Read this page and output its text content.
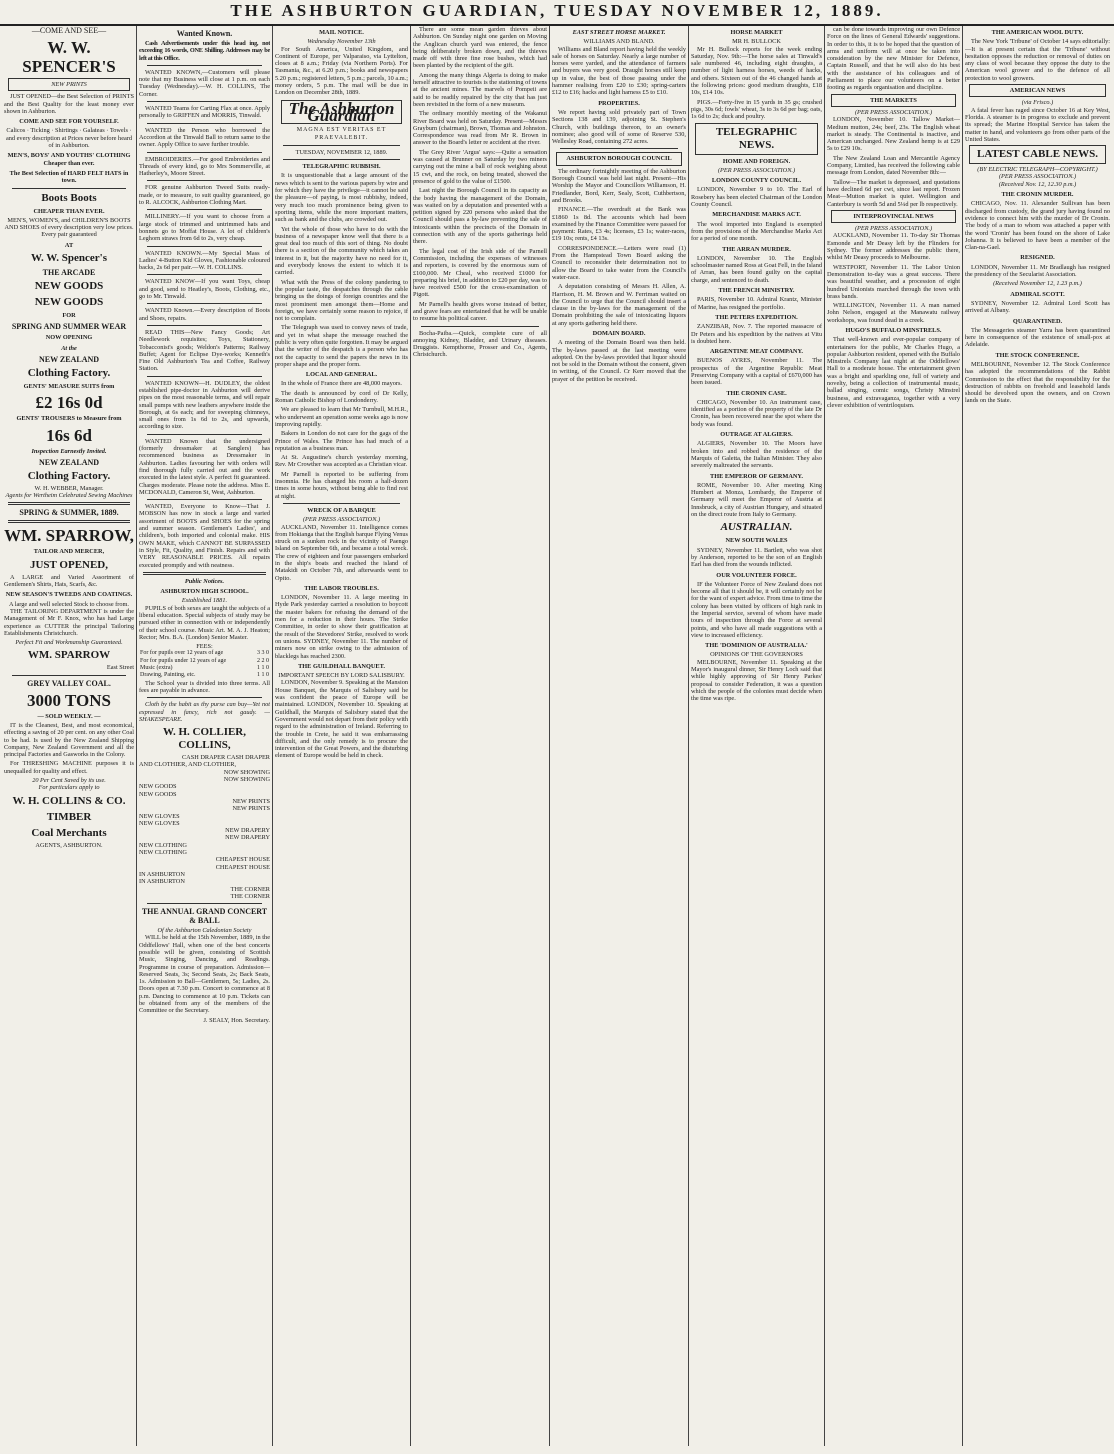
THE ASHBURTON GUARDIAN, TUESDAY NOVEMBER 12, 1889.
—COME AND SEE—
W. W. SPENCER'S
NEW PRINTS

JUST OPENED—the Best Selection of PRINTS and the Best Quality for the least money ever shown in Ashburton.

COME AND SEE FOR YOURSELF.

Calicos · Ticking · Shirtings · Galateas · Towels · and every description at Prices never before heard of in Ashburton.

MEN'S, BOYS' AND YOUTHS' CLOTHING Cheaper than ever.
The Best Selection of HARD FELT HATS in town.
Boots Boots
CHEAPER THAN EVER.

MEN'S, WOMEN'S, and CHILDREN'S BOOTS AND SHOES of every description very low prices. Every pair guaranteed

AT
W. W. Spencer's
THE ARCADE
NEW GOODS
NEW GOODS
FOR
SPRING AND SUMMER WEAR
NOW OPENING
At the
NEW ZEALAND
Clothing Factory.
GENTS' MEASURE SUITS from
£2 16s 0d
GENTS' TROUSERS to Measure from
16s 6d
Inspection Earnestly Invited.
NEW ZEALAND
Clothing Factory.
W. H. WEBBER, Manager.
Agents for Wertheim Celebrated Sewing Machines
SPRING & SUMMER, 1889.
WM. SPARROW,
TAILOR AND MERCER,
JUST OPENED,

A LARGE and Varied Assortment of Gentlemen's Shirts, Hats, Scarfs, &c.

NEW SEASON'S TWEEDS AND COATINGS.
A large and well selected Stock to choose from.

THE TAILORING DEPARTMENT is under the Management of Mr F. Knox, who has had Large experience as CUTTER the principal Tailoring Establishments Christchurch.

Perfect Fit and Workmanship Guaranteed.
WM. SPARROW
East Street
GREY VALLEY COAL.
3000 TONS
— SOLD WEEKLY. —

IT is the Cleanest, Best, and most economical, effecting a saving of 20 per cent. on any other Coal to be had. Is used by the New Zealand Shipping Company, New Zealand Government and all the principal Factories and Gasworks in the Colony.

For THRESHING MACHINE purposes it is unequalled for quality and effect.

20 Per Cent Saved by its use.
For particulars apply to
W. H. COLLINS & CO.
TIMBER
Coal Merchants
AGENTS, ASHBURTON.
Wanted Known.

Cash Advertisements under this head ing, not exceeding 16 words, ONE Shilling. Addresses may be left at this Office.

WANTED KNOWN,—Customers will please note that my Business will close at 1 p.m. on each Tuesday (Wednesday).—W. H. COLLINS, The Corner.

WANTED Teams for Carting Flax at once. Apply personally to GRIFFEN and MORRIS, Tinwald.

WANTED the Person who borrowed the Accordion at the Tinwald Ball to return same to the owner. Apply Office to save further trouble.

EMBROIDERIES.—For good Embroideries and Threads of every kind, go to Mrs Sommerville, at Hatherley's, Moore Street.

FOR genuine Ashburton Tweed Suits ready-made, or to measure, to suit quality guaranteed, go to R. ALCOCK, Ashburton Clothing Mart.

MILLINERY.—If you want to choose from a large stock of trimmed and untrimmed hats and bonnets go to Moffat House. A lot of children's Leghorn straws from 6d to 2s, very cheap.

WANTED KNOWN.—My Special Mass of Ladies' 4-Button Kid Gloves, Fashionable coloured backs, 2s 6d per pair.—W. H. COLLINS.

WANTED KNOW—If you want Toys, cheap and good, send to Heatley's, Boots, Clothing, etc., go to Mr. Tinwald.

WANTED Known.—Every description of Boots and Shoes, repairs.

READ THIS—New Fancy Goods; Art Needlework requisites; Toys, Stationery, Tobacconist's goods; Weldon's Patterns; Railway Buffet; Agent for Eclipse Dye-works; Kenneth's Fine Old Ashburton's Tea and Coffee, Railway Station.

WANTED KNOWN—H. DUDLEY, the oldest established pipe-doctor in Ashburton will derive pipes on the most reasonable terms, and will repair small pumps with new leathers anywhere inside the Borough, at 6s each; and for sweeping chimneys, small ones from 1s 6d to 2s, and upwards, according to size.

WANTED Known that the undersigned (formerly dressmaker at Sanglers) has recommenced business as Dressmaker in Ashburton. Ladies favouring her with orders will find thorough fully carried out and the work executed in the latest style. A perfect fit guaranteed. Charges moderate. Please note the address. Miss E. MCDONALD, Cameron St, West, Ashburton.

WANTED, Everyone to Know—That J. MOBSON has now in stock a large and varied assortment of BOOTS and SHOES for the spring and summer season. Gentlemen's Ladies', and children's, both imported and colonial make. HIS OWN MAKE, which CANNOT BE SURPASSED in Style, Fit, Quality, and Finish. Repairs and with VERY REASONABLE PRICES. All repairs executed promptly and with neatness.

Public Notices.
ASHBURTON HIGH SCHOOL.
Established 1881.

PUPILS of both sexes are taught the subjects of a liberal education. Special subjects of study may be pursued either in connection with or independently of their school course. Music Art. M. A. J. Heaton; Rector; Mrs. B.A. (London) Senior Master.

FEES:
For for pupils over 12 years of age	3 3 0
For for pupils under 12 years of age	2 2 0
Music (extra)	1 1 0
Drawing, Painting, etc.	1 1 0

The School year is divided into three terms. All fees are payable in advance.

Cloth by the habit as thy purse can buy—Yet not expressed in fancy, rich not gaudy. —SHAKESPEARE.

W. H. COLLIER, COLLINS,
CASH DRAPER CASH DRAPER
AND CLOTHIER, AND CLOTHIER,
NOW SHOWING
NOW SHOWING
NEW GOODS
NEW GOODS
NEW PRINTS
NEW PRINTS
NEW GLOVES
NEW GLOVES
NEW DRAPERY
NEW DRAPERY
NEW CLOTHING
NEW CLOTHING
CHEAPEST HOUSE
CHEAPEST HOUSE
IN ASHBURTON
IN ASHBURTON
THE CORNER
THE CORNER
THE ANNUAL GRAND CONCERT & BALL
Of the Ashburton Caledonian Society

WILL be held at the 15th November, 1889, in the Oddfellows' Hall, when one of the best concerts possible will be given, consisting of Scottish Music, Singing, Dancing, and Readings. Programme in course of preparation. Admission—Reserved Seats, 3s; Second Seats, 2s; Back Seats, 1s. Admission to Ball—Gentlemen, 5s; Ladies, 2s. Doors open at 7.30 p.m. Concert to commence at 8 p.m. Dancing to commence at 10 p.m. Tickets can be obtained from any of the members of the Committee or the Secretary.

J. SEALY, Hon. Secretary.
MAIL NOTICE.
Wednesday November 13th

For South America, United Kingdom, and Continent of Europe, per Valparaiso, via Lyttelton, closes at 8 a.m.; Friday (via Northern Ports). For Tasmania, &c., at 6.20 p.m.; books and newspapers 5.20 p.m.; registered letters, 5 p.m.; parcels, 10 a.m.; money orders, 5 p.m. The mail will be due in London on December 28th, 1889.

The Ashburton Guardian
MAGNA EST VERITAS ET PRAEVALEBIT.
TUESDAY, NOVEMBER 12, 1889.
TELEGRAPHIC RUBBISH.

It is unquestionable that a large amount of the news which is sent to the various papers by wire and for which they have the privilege—it cannot be said the pleasure—of paying, is most rubbishy, indeed, very much too much prominence being given to sporting items, while the more important matters, such as bank and the clubs, are crowded out.

Yet the whole of those who have to do with the business of a newspaper know well that there is a great deal too much of this sort of thing. No doubt there is a section of the community which takes an interest in it, but the majority have no need for it, and everybody knows the extent to which it is carried.

What with the Press of the colony pandering to the popular taste, the despatches through the cable bringing us the doings of foreign countries and the most prominent men amongst them—Home and foreign, we have certainly some reason to rejoice, if not to complain.

The Telegraph was used to convey news of trade, and yet in what shape the message reached the public is very often quite forgotten. It may be argued that the writer of the despatch is a person who has not the capacity to send the papers the news in its proper shape and the proper form.

LOCAL AND GENERAL.

In the whole of France there are 48,000 mayors.

The death is announced by cord of Dr Kelly, Roman Catholic Bishop of Londonderry.

We are pleased to learn that Mr Turnbull, M.H.R., who underwent an operation some weeks ago is now improving rapidly.

Bakers in London do not care for the gags of the Prince of Wales. The Prince has had much of a reputation as a business man.

At St. Augustine's church yesterday morning, Rev. Mr Crowther was accepted as a Christian vicar.

Mr Parnell is reported to be suffering from insomnia. He has changed his room a half-dozen times in some hours, without being able to find rest at night.

WRECK OF A BARQUE
(PER PRESS ASSOCIATION.)

AUCKLAND, November 11. Intelligence comes from Hokianga that the English barque Flying Venus struck on a sunken rock in the vicinity of Paengo Island on September 6th, and became a total wreck. The crew of eighteen and four passengers embarked in the ship's boats and reached the island of Matakidi on October 7th, and afterwards went to Opito.

THE LABOR TROUBLES.

LONDON, November 11. A large meeting in Hyde Park yesterday carried a resolution to boycott the master bakers for refusing the demand of the men for a reduction in their hours. The Strike Committee, in order to show their gratification at the result of the Stevedores' Strike, resolved to work on unions. SYDNEY, November 11. The number of miners now on strike owing to the admission of blacklegs has reached 2300.

THE GUILDHALL BANQUET.
IMPORTANT SPEECH BY LORD SALISBURY.

LONDON, November 9. Speaking at the Mansion House Banquet, the Marquis of Salisbury said he was confident the peace of Europe will be maintained. LONDON, November 10. Speaking at Guildhall, the Marquis of Salisbury stated that the Government would not depart from their policy with regard to the administration of Ireland. Referring to the trouble in Crete, he said it was embarrassing difficult, and the only remedy is to procure the intervention of the Great Powers, and the disturbing element of Europe would be held in check.

There are some mean garden thieves about Ashburton. On Sunday night one garden on Moving the Anglican church yard was entered, the fence being deliberately broken down, and the thieves made off with three fine rose bushes, which had been planted by the recipient of the gift.

Among the many things Algeria is doing to make herself attractive to tourists is the stationing of towns at the ancient mines. The marvels of Pompeii are said to be readily repaired by the city that has just been revisited in the form of a new museum.

The ordinary monthly meeting of the Wakanui River Board was held on Saturday. Present—Messrs Grayburn (chairman), Brown, Thomas and Johnston. Correspondence was read from Mr R. Brown in answer to the Board's letter re accident at the river.

The Grey River 'Argus' says:—Quite a sensation was caused at Brunner on Saturday by two miners carrying out the mine a ball of rock weighing about 15 cwt, and the rock, on being treated, showed the presence of gold to the value of £1500.

Last night the Borough Council in its capacity as the body having the management of the Domain, was waited on by a deputation and presented with a petition signed by 220 persons who asked that the Council should pass a by-law preventing the sale of intoxicants within the precincts of the Domain in connection with any of the sports gatherings held there.

The legal cost of the Irish side of the Parnell Commission, including the expenses of witnesses and reporters, is covered by the enormous sum of £100,000. Mr Cheal, who received £1000 for preparing his brief, in addition to £20 per day, was to have received £500 for the cross-examination of Pigott.

Mr Parnell's health gives worse instead of better, and grave fears are entertained that he will be unable to resume his political career.

Bocha-Paiba.—Quick, complete cure of all annoying Kidney, Bladder, and Urinary diseases. Druggists. Kempthorne, Prosser and Co., Agents, Christchurch.

EAST STREET HORSE MARKET.
WILLIAMS AND BLAND.

Williams and Bland report having held the weekly sale of horses on Saturday. Nearly a large number of horses were yarded, and the attendance of farmers and buyers was very good. Draught horses still keep up in value, the best of those passing under the hammer realising from £20 to £30; spring-carters £12 to £16; hacks and light harness £5 to £10.

PROPERTIES.

We report having sold privately part of Town Sections 138 and 139, adjoining St. Stephen's Church, with buildings thereon, to an owner's nominee; also good will of some of Reserve 530, Wellesley Road, containing 272 acres.

ASHBURTON BOROUGH COUNCIL

The ordinary fortnightly meeting of the Ashburton Borough Council was held last night. Present—His Worship the Mayor and Councillors Williamson, H. Friedlander, Bord, Kerr, Sealy, Scott, Cuthbertson, and Brooks.

FINANCE.—The overdraft at the Bank was £1860 1s 8d. The accounts which had been examined by the Finance Committee were passed for payment: Rates, £3 4s; licenses, £3 1s; water-races, £19 10s; rents, £4 13s.

CORRESPONDENCE.—Letters were read (1) From the Hampstead Town Board asking the Council to reconsider their determination not to allow the Board to take water from the Council's water-race.

A deputation consisting of Messrs H. Allen, A. Harrison, H. M. Brown and W. Ferriman waited on the Council to urge that the Council should insert a clause in the by-laws for the management of the Domain prohibiting the sale of intoxicating liquors at any sports gathering held there.

DOMAIN BOARD.

A meeting of the Domain Board was then held. The by-laws passed at the last meeting were adopted. On the by-laws provided that liquor should not be sold in the Domain without the consent, given in writing, of the Council. Cr Kerr moved that the prayer of the petition be received.

HORSE MARKET
MR H. BULLOCK

Mr H. Bullock reports for the week ending Saturday, Nov. 9th:—The horse sales at Tinwald's sale numbered 46, including eight draughts, a number of light harness horses, weeds of hacks, and others. Sixteen out of the 46 changed hands at the following prices: good medium draughts, £18 10s, £14 10s.

PIGS.—Forty-five in 15 yards in 35 gs; crushed pigs, 30s 6d; fowls' wheat, 3s to 3s 6d per bag; oats, 1s 6d to 2s; duck and poultry.

TELEGRAPHIC NEWS.
HOME AND FOREIGN.
(PER PRESS ASSOCIATION.)
LONDON COUNTY COUNCIL.

LONDON, November 9 to 10. The Earl of Rosebery has been elected Chairman of the London County Council.

MERCHANDISE MARKS ACT.

The wool imported into England is exempted from the provisions of the Merchandise Marks Act for a period of one month.

THE ARRAN MURDER.

LONDON, November 10. The English schoolmaster named Ross at Goat Fell, in the Island of Arran, has been found guilty on the capital charge, and sentenced to death.

THE FRENCH MINISTRY.

PARIS, November 10. Admiral Krantz, Minister of Marine, has resigned the portfolio.

THE PETERS EXPEDITION.

ZANZIBAR, Nov. 7. The reported massacre of Dr Peters and his expedition by the natives at Vitu is doubted here.

ARGENTINE MEAT COMPANY.

BUENOS AYRES, November 11. The prospectus of the Argentine Republic Meat Preserving Company with a capital of £670,000 has been issued.

THE CRONIN CASE.

CHICAGO, November 10. An instrument case, identified as a portion of the property of the late Dr Cronin, has been recovered near the spot where the body was found.

OUTRAGE AT ALGIERS.

ALGIERS, November 10. The Moors have broken into and robbed the residence of the Marquis of Galetta, the Italian Minister. They also severely maltreated the servants.

THE EMPEROR OF GERMANY.

ROME, November 10. After meeting King Humbert at Monza, Lombardy, the Emperor of Germany will meet the Emperor of Austria at Innsbruck, a city of Austrian Hungary, and situated on the direct route from Italy to Germany.

AUSTRALIAN.
NEW SOUTH WALES

SYDNEY, November 11. Bartlett, who was shot by Anderson, reported to be the son of an English Earl has died from the wounds inflicted.

OUR VOLUNTEER FORCE.

IF the Volunteer Force of New Zealand does not become all that it should be, it will certainly not be for the want of expert advice. From time to time the colony has been visited by officers of high rank in the Imperial service, several of whom have made tours of inspection through the Force at several points, and who have all made suggestions with a view to increased efficiency.

THE 'DOMINION OF AUSTRALIA.'
OPINIONS OF THE GOVERNORS

MELBOURNE, November 11. Speaking at the Mayor's inaugural dinner, Sir Henry Loch said that while highly approving of Sir Henry Parkes' proposal to consider Federation, it was a question which the people of the colonies must decide when the time was ripe.

can be done towards improving our own Defence Force on the lines of General Edwards' suggestions. In order to this, it is to be hoped that the question of arms and uniform will at once be taken into consideration by the new Minister for Defence, Captain Russell, and that he will also do his best with the assistance of his colleagues and of Parliament to place our volunteers on a better footing as regards organisation and discipline.

THE MARKETS
(PER PRESS ASSOCIATION.)

LONDON, November 10. Tallow Market—Medium mutton, 24s; beef, 23s. The English wheat market is steady. The Continental is inactive, and American unchanged. New Zealand hemp is at £29 5s to £29 10s.

The New Zealand Loan and Mercantile Agency Company, Limited, has received the following cable message from London, dated November 8th:—

Tallow—The market is depressed, and quotations have declined 6d per cwt, since last report. Frozen Meat—Mutton market is quiet. Wellington and Canterbury is worth 5d and 5¼d per lb respectively.

INTERPROVINCIAL NEWS
(PER PRESS ASSOCIATION.)

AUCKLAND, November 11. To-day Sir Thomas Esmonde and Mr Deasy left by the Flinders for Sydney. The former addresses the public there, whilst Mr Deasy proceeds to Melbourne.

WESTPORT, November 11. The Labor Union Demonstration to-day was a great success. There was beautiful weather, and a procession of eight hundred Unionists marched through the town with brass bands.

WELLINGTON, November 11. A man named John Nelson, engaged at the Manawatu railway workshops, was found dead in a creek.

HUGO'S BUFFALO MINSTRELS.

That well-known and ever-popular company of entertainers for the public, Mr Charles Hugo, a popular Ashburton resident, opened with the Buffalo Minstrels Company last night at the Oddfellows' Hall to a moderate house. The entertainment given was a bright and sparkling one, full of variety and novelty, being a collection of instrumental music, ballad singing, comic songs, Christy Minstrel business, and extravaganza, together with a very clever exhibition of ventriloquism.

THE AMERICAN WOOL DUTY.

The New York 'Tribune' of October 14 says editorially:—It is at present certain that the 'Tribune' without hesitation opposes the reduction or removal of duties on any class of wool because they oppose the duty to the American wool grower and to the defence of all protection to wool growers.

AMERICAN NEWS
(via Frisco.)

A fatal fever has raged since October 16 at Key West, Florida. A steamer is in progress to exclude and prevent its spread; the Marine Hospital Service has taken the matter in hand, and volunteers go from other parts of the United States.

LATEST CABLE NEWS.
(BY ELECTRIC TELEGRAPH—COPYRIGHT.)
(PER PRESS ASSOCIATION.)
(Received Nov. 12, 12.30 p.m.)
THE CRONIN MURDER.

CHICAGO, Nov. 11. Alexander Sullivan has been discharged from custody, the grand jury having found no evidence to connect him with the murder of Dr Cronin. The body of a man to whom was attached a paper with the word 'Cronin' has been found on the shore of Lake Johanna. It is believed to have been a member of the Clan-na-Gael.

RESIGNED.

LONDON, November 11. Mr Bradlaugh has resigned the presidency of the Secularist Association.

(Received November 12, 1.23 p.m.)
ADMIRAL SCOTT.

SYDNEY, November 12. Admiral Lord Scott has arrived at Albany.

QUARANTINED.

The Messageries steamer Yarra has been quarantined here in consequence of the existence of small-pox at Adelaide.

THE STOCK CONFERENCE.

MELBOURNE, November 12. The Stock Conference has adopted the recommendations of the Rabbit Commission to the effect that the responsibility for the destruction of rabbits on freehold and leasehold lands should be devolved upon the owners, and on Crown lands on the State.
